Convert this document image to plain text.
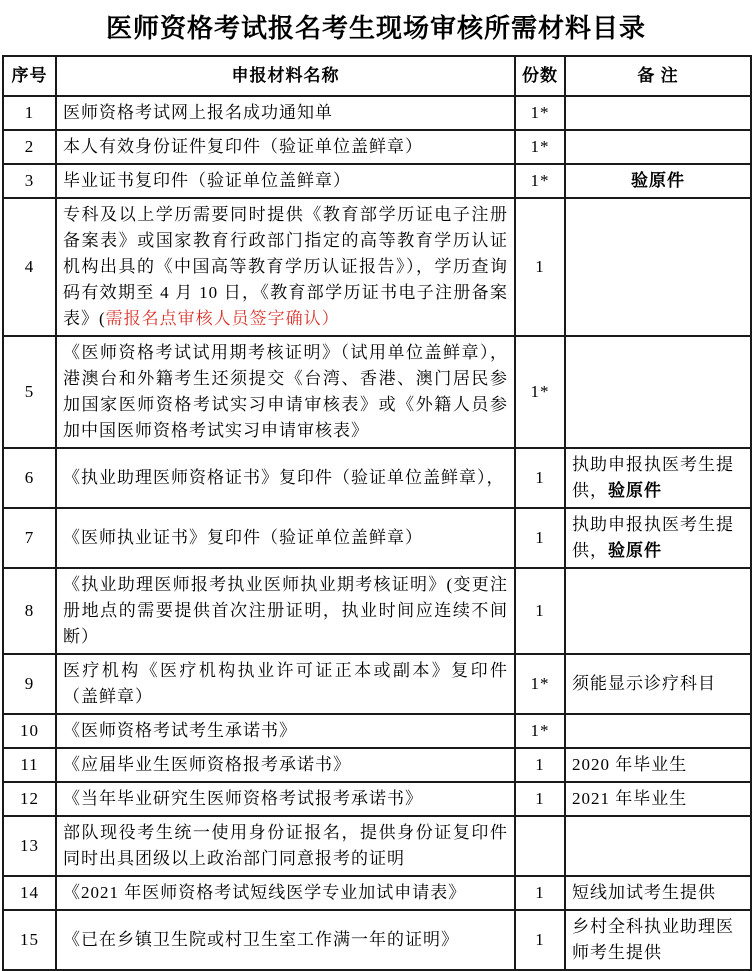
医师资格考试报名考生现场审核所需材料目录
序号	申报材料名称	份数	备 注
1	医师资格考试网上报名成功通知单	1*	
2	本人有效身份证件复印件（验证单位盖鲜章）	1*	
3	毕业证书复印件（验证单位盖鲜章）	1*	验原件
4	专科及以上学历需要同时提供《教育部学历证电子注册备案表》或国家教育行政部门指定的高等教育学历认证机构出具的《中国高等教育学历认证报告》），学历查询码有效期至 4 月 10 日，《教育部学历证书电子注册备案表》(需报名点审核人员签字确认）	1	
5	《医师资格考试试用期考核证明》（试用单位盖鲜章），港澳台和外籍考生还须提交《台湾、香港、澳门居民参加国家医师资格考试实习申请审核表》或《外籍人员参加中国医师资格考试实习申请审核表》	1*	
6	《执业助理医师资格证书》复印件（验证单位盖鲜章），	1	执助申报执医考生提供，验原件
7	《医师执业证书》复印件（验证单位盖鲜章）	1	执助申报执医考生提供，验原件
8	《执业助理医师报考执业医师执业期考核证明》(变更注册地点的需要提供首次注册证明，执业时间应连续不间断）	1	
9	医疗机构《医疗机构执业许可证正本或副本》复印件（盖鲜章）	1*	须能显示诊疗科目
10	《医师资格考试考生承诺书》	1*	
11	《应届毕业生医师资格报考承诺书》	1	2020 年毕业生
12	《当年毕业研究生医师资格考试报考承诺书》	1	2021 年毕业生
13	部队现役考生统一使用身份证报名，提供身份证复印件同时出具团级以上政治部门同意报考的证明		
14	《2021 年医师资格考试短线医学专业加试申请表》	1	短线加试考生提供
15	《已在乡镇卫生院或村卫生室工作满一年的证明》	1	乡村全科执业助理医师考生提供
